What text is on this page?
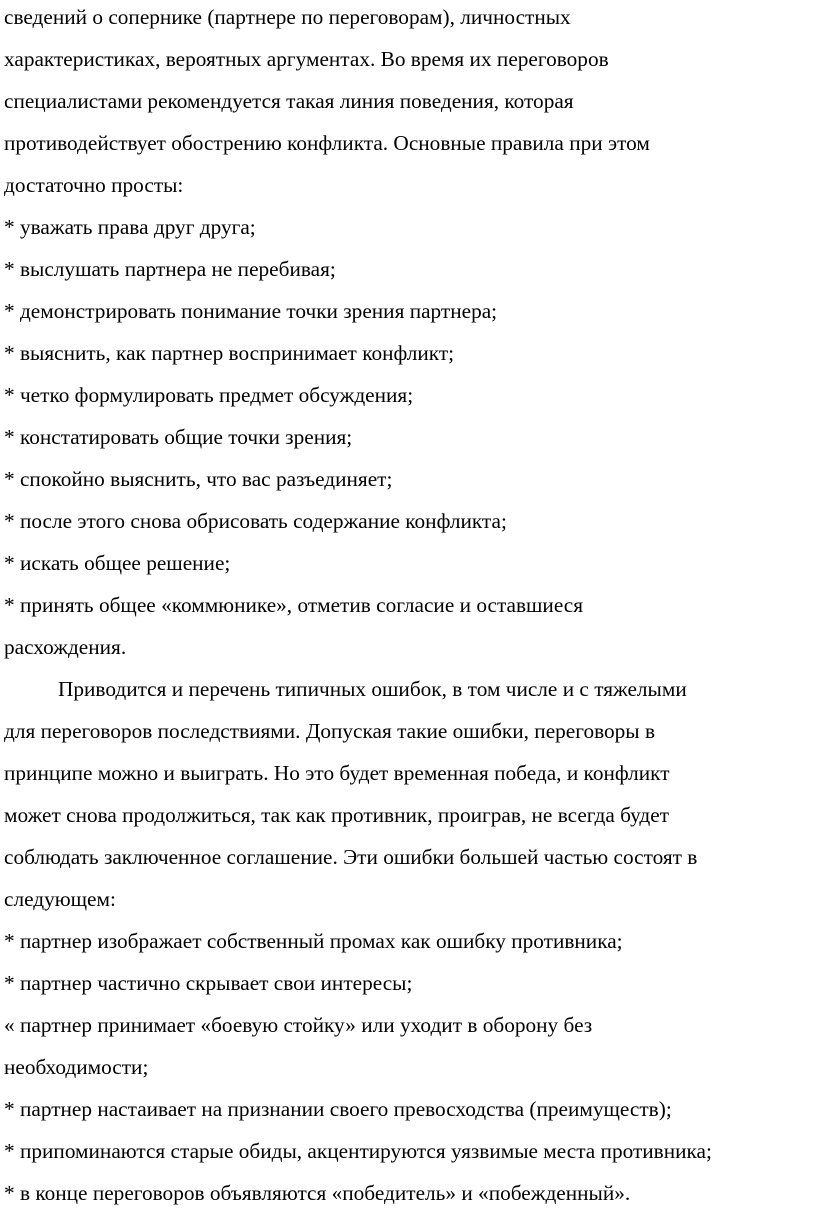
сведений о сопернике (партнере по переговорам), личностных

характеристиках, вероятных аргументах. Во время их переговоров

специалистами рекомендуется такая линия поведения, которая

противодействует обострению конфликта. Основные правила при этом

достаточно просты:

* уважать права друг друга;

* выслушать партнера не перебивая;

* демонстрировать понимание точки зрения партнера;

* выяснить, как партнер воспринимает конфликт;

* четко формулировать предмет обсуждения;

* констатировать общие точки зрения;

* спокойно выяснить, что вас разъединяет;

* после этого снова обрисовать содержание конфликта;

* искать общее решение;

* принять общее «коммюнике», отметив согласие и оставшиеся

расхождения.

Приводится и перечень типичных ошибок, в том числе и с тяжелыми

для переговоров последствиями. Допуская такие ошибки, переговоры в

принципе можно и выиграть. Но это будет временная победа, и конфликт

может снова продолжиться, так как противник, проиграв, не всегда будет

соблюдать заключенное соглашение. Эти ошибки большей частью состоят в

следующем:

* партнер изображает собственный промах как ошибку противника;

* партнер частично скрывает свои интересы;

« партнер принимает «боевую стойку» или уходит в оборону без

необходимости;

* партнер настаивает на признании своего превосходства (преимуществ);

* припоминаются старые обиды, акцентируются уязвимые места противника;

* в конце переговоров объявляются «победитель» и «побежденный».
